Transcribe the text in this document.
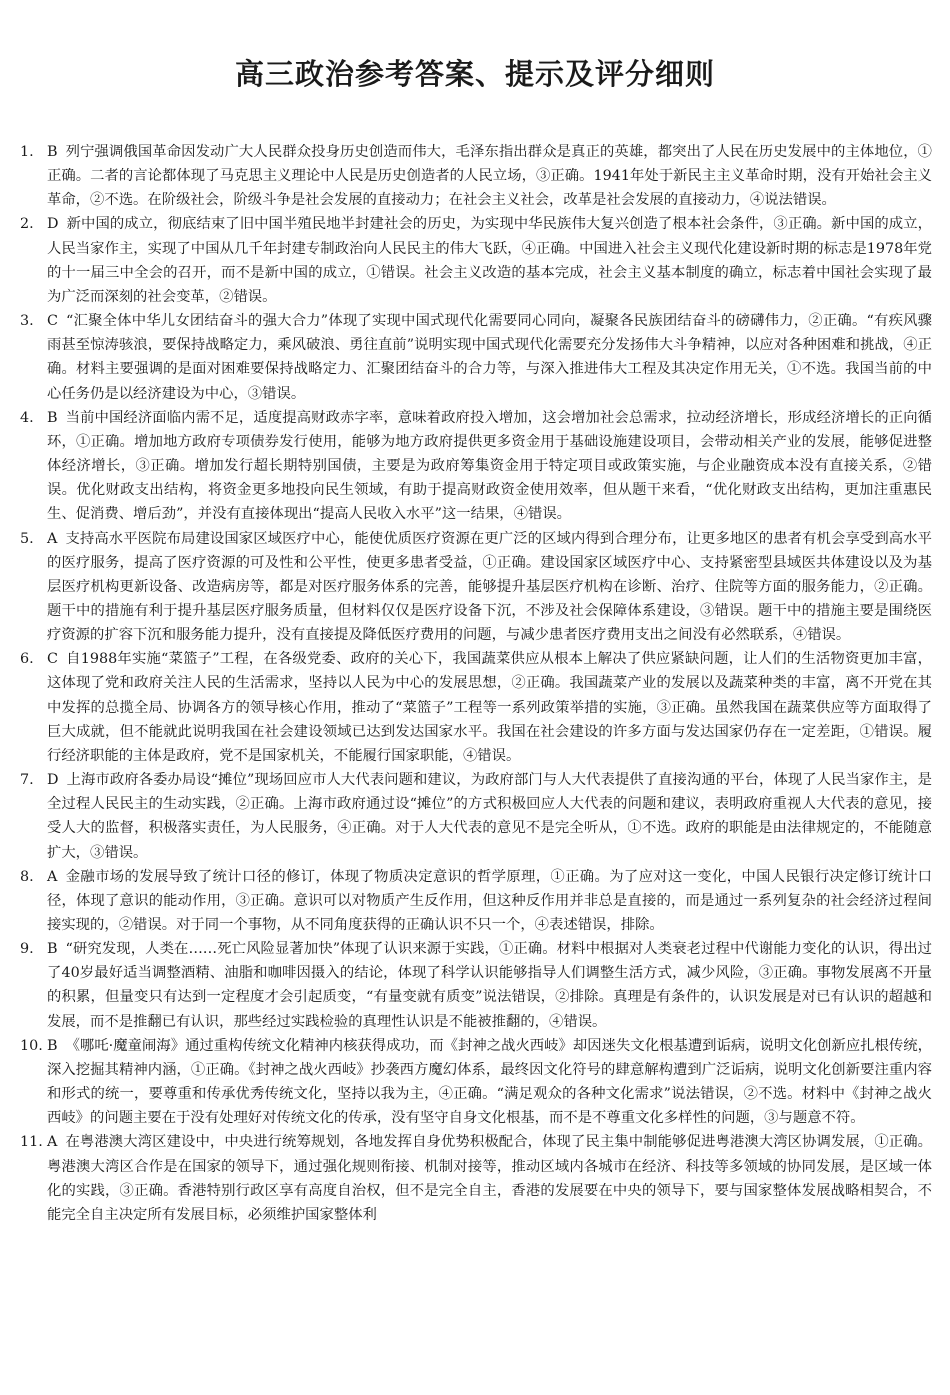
高三政治参考答案、提示及评分细则
1. B 列宁强调俄国革命因发动广大人民群众投身历史创造而伟大，毛泽东指出群众是真正的英雄，都突出了人民在历史发展中的主体地位，①正确。二者的言论都体现了马克思主义理论中人民是历史创造者的人民立场，③正确。1941年处于新民主主义革命时期，没有开始社会主义革命，②不选。在阶级社会，阶级斗争是社会发展的直接动力；在社会主义社会，改革是社会发展的直接动力，④说法错误。
2. D 新中国的成立，彻底结束了旧中国半殖民地半封建社会的历史，为实现中华民族伟大复兴创造了根本社会条件，③正确。新中国的成立，人民当家作主，实现了中国从几千年封建专制政治向人民民主的伟大飞跃，④正确。中国进入社会主义现代化建设新时期的标志是1978年党的十一届三中全会的召开，而不是新中国的成立，①错误。社会主义改造的基本完成，社会主义基本制度的确立，标志着中国社会实现了最为广泛而深刻的社会变革，②错误。
3. C “汇聚全体中华儿女团结奋斗的强大合力”体现了实现中国式现代化需要同心同向，凝聚各民族团结奋斗的磅礴伟力，②正确。“有疾风骤雨甚至惊涛骇浪，要保持战略定力，乘风破浪、勇往直前”说明实现中国式现代化需要充分发扬伟大斗争精神，以应对各种困难和挑战，④正确。材料主要强调的是面对困难要保持战略定力、汇聚团结奋斗的合力等，与深入推进伟大工程及其决定作用无关，①不选。我国当前的中心任务仍是以经济建设为中心，③错误。
4. B 当前中国经济面临内需不足，适度提高财政赤字率，意味着政府投入增加，这会增加社会总需求，拉动经济增长，形成经济增长的正向循环，①正确。增加地方政府专项债券发行使用，能够为地方政府提供更多资金用于基础设施建设项目，会带动相关产业的发展，能够促进整体经济增长，③正确。增加发行超长期特别国债，主要是为政府筹集资金用于特定项目或政策实施，与企业融资成本没有直接关系，②错误。优化财政支出结构，将资金更多地投向民生领域，有助于提高财政资金使用效率，但从题干来看，“优化财政支出结构，更加注重惠民生、促消费、增后劲”，并没有直接体现出“提高人民收入水平”这一结果，④错误。
5. A 支持高水平医院布局建设国家区域医疗中心，能使优质医疗资源在更广泛的区域内得到合理分布，让更多地区的患者有机会享受到高水平的医疗服务，提高了医疗资源的可及性和公平性，使更多患者受益，①正确。建设国家区域医疗中心、支持紧密型县域医共体建设以及为基层医疗机构更新设备、改造病房等，都是对医疗服务体系的完善，能够提升基层医疗机构在诊断、治疗、住院等方面的服务能力，②正确。题干中的措施有利于提升基层医疗服务质量，但材料仅仅是医疗设备下沉，不涉及社会保障体系建设，③错误。题干中的措施主要是围绕医疗资源的扩容下沉和服务能力提升，没有直接提及降低医疗费用的问题，与减少患者医疗费用支出之间没有必然联系，④错误。
6. C 自1988年实施“菜篮子”工程，在各级党委、政府的关心下，我国蔬菜供应从根本上解决了供应紧缺问题，让人们的生活物资更加丰富，这体现了党和政府关注人民的生活需求，坚持以人民为中心的发展思想，②正确。我国蔬菜产业的发展以及蔬菜种类的丰富，离不开党在其中发挥的总揽全局、协调各方的领导核心作用，推动了“菜篮子”工程等一系列政策举措的实施，③正确。虽然我国在蔬菜供应等方面取得了巨大成就，但不能就此说明我国在社会建设领域已达到发达国家水平。我国在社会建设的许多方面与发达国家仍存在一定差距，①错误。履行经济职能的主体是政府，党不是国家机关，不能履行国家职能，④错误。
7. D 上海市政府各委办局设“摊位”现场回应市人大代表问题和建议，为政府部门与人大代表提供了直接沟通的平台，体现了人民当家作主，是全过程人民民主的生动实践，②正确。上海市政府通过设“摊位”的方式积极回应人大代表的问题和建议，表明政府重视人大代表的意见，接受人大的监督，积极落实责任，为人民服务，④正确。对于人大代表的意见不是完全听从，①不选。政府的职能是由法律规定的，不能随意扩大，③错误。
8. A 金融市场的发展导致了统计口径的修订，体现了物质决定意识的哲学原理，①正确。为了应对这一变化，中国人民银行决定修订统计口径，体现了意识的能动作用，③正确。意识可以对物质产生反作用，但这种反作用并非总是直接的，而是通过一系列复杂的社会经济过程间接实现的，②错误。对于同一个事物，从不同角度获得的正确认识不只一个，④表述错误，排除。
9. B “研究发现，人类在……死亡风险显著加快”体现了认识来源于实践，①正确。材料中根据对人类衰老过程中代谢能力变化的认识，得出过了40岁最好适当调整酒精、油脂和咖啡因摄入的结论，体现了科学认识能够指导人们调整生活方式，减少风险，③正确。事物发展离不开量的积累，但量变只有达到一定程度才会引起质变，“有量变就有质变”说法错误，②排除。真理是有条件的，认识发展是对已有认识的超越和发展，而不是推翻已有认识，那些经过实践检验的真理性认识是不能被推翻的，④错误。
10. B 《哪吒·魔童闹海》通过重构传统文化精神内核获得成功，而《封神之战火西岐》却因迷失文化根基遭到诟病，说明文化创新应扎根传统，深入挖掘其精神内涵，①正确。《封神之战火西岐》抄袭西方魔幻体系，最终因文化符号的肆意解构遭到广泛诟病，说明文化创新要注重内容和形式的统一，要尊重和传承优秀传统文化，坚持以我为主，④正确。“满足观众的各种文化需求”说法错误，②不选。材料中《封神之战火西岐》的问题主要在于没有处理好对传统文化的传承，没有坚守自身文化根基，而不是不尊重文化多样性的问题，③与题意不符。
11. A 在粤港澳大湾区建设中，中央进行统筹规划，各地发挥自身优势积极配合，体现了民主集中制能够促进粤港澳大湾区协调发展，①正确。粤港澳大湾区合作是在国家的领导下，通过强化规则衔接、机制对接等，推动区域内各城市在经济、科技等多领域的协同发展，是区域一体化的实践，③正确。香港特别行政区享有高度自治权，但不是完全自主，香港的发展要在中央的领导下，要与国家整体发展战略相契合，不能完全自主决定所有发展目标，必须维护国家整体利
